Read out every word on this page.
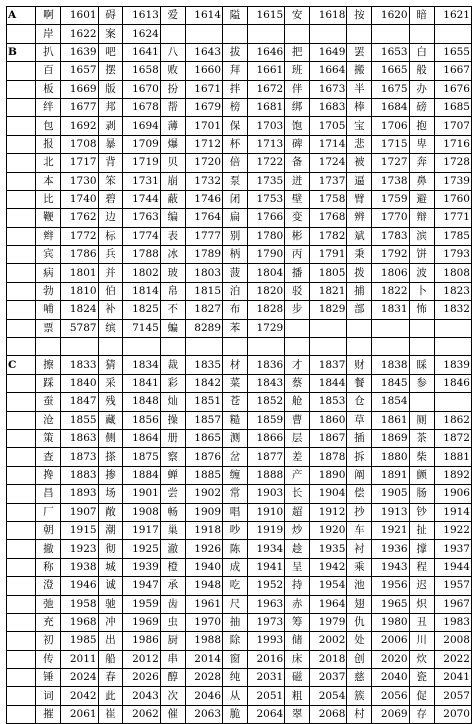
A	啊	1601	碍	1613	爱	1614	隘	1615	安	1618	按	1620	暗	1621
	岸	1622	案	1624										
B	扒	1639	吧	1641	八	1643	拔	1646	把	1649	罢	1653	白	1655
	百	1657	摆	1658	败	1660	拜	1661	班	1664	搬	1665	般	1667
	板	1669	版	1670	扮	1671	拌	1672	伴	1673	半	1675	办	1676
	绊	1677	邦	1678	帮	1679	榜	1681	绑	1683	棒	1684	磅	1685
	包	1692	剥	1694	薄	1701	保	1703	饱	1705	宝	1706	抱	1707
	报	1708	暴	1709	爆	1712	杯	1713	碑	1714	悲	1715	卑	1716
	北	1717	背	1719	贝	1720	倍	1722	备	1724	被	1727	奔	1728
	本	1730	笨	1731	崩	1732	泵	1735	迸	1737	逼	1738	鼻	1739
	比	1740	碧	1744	蔽	1746	闭	1753	壁	1758	臂	1759	避	1760
	鞭	1762	边	1763	编	1764	扁	1766	变	1768	辨	1770	辩	1771
	辫	1772	标	1774	表	1777	别	1780	彬	1782	斌	1783	滨	1785
	宾	1786	兵	1788	冰	1789	柄	1790	丙	1791	秉	1792	饼	1793
	病	1801	并	1802	玻	1803	菠	1804	播	1805	拨	1806	波	1808
	勃	1810	伯	1814	帛	1815	泊	1820	驳	1821	捕	1822	卜	1823
	哺	1824	补	1825	不	1827	布	1828	步	1829	部	1831	怖	1832
	票	5787	缤	7145	蝙	8289	苯	1729						

C	擦	1833	猜	1834	裁	1835	材	1836	才	1837	财	1838	睬	1839
	踩	1840	采	1841	彩	1842	菜	1843	蔡	1844	餐	1845	参	1846
	蚕	1847	残	1848	灿	1851	苍	1852	舱	1853	仓	1854		
	沧	1855	藏	1856	操	1857	糙	1859	曹	1860	草	1861	厕	1862
	策	1863	侧	1864	册	1865	测	1866	层	1867	插	1869	茶	1872
	查	1873	搽	1875	察	1876	岔	1877	差	1878	拆	1880	柴	1881
	搀	1883	掺	1884	蝉	1885	缠	1888	产	1890	阐	1891	颤	1892
	昌	1893	场	1901	尝	1902	常	1903	长	1904	偿	1905	肠	1906
	厂	1907	敞	1908	畅	1909	唱	1910	超	1912	抄	1913	钞	1914
	朝	1915	潮	1917	巢	1918	吵	1919	炒	1920	车	1921	扯	1922
	撤	1923	彻	1925	澈	1926	陈	1934	趁	1935	衬	1936	撑	1937
	称	1938	城	1939	橙	1940	成	1941	呈	1942	乘	1943	程	1944
	澄	1946	诚	1947	承	1948	吃	1952	持	1954	池	1956	迟	1957
	弛	1958	驰	1959	齿	1961	尺	1963	赤	1964	翅	1965	炽	1967
	充	1968	冲	1969	虫	1970	抽	1973	筹	1979	仇	1980	丑	1983
	初	1985	出	1986	厨	1988	除	1993	储	2002	处	2006	川	2008
	传	2011	船	2012	串	2014	窗	2016	床	2018	创	2020	炊	2022
	锤	2024	春	2026	醇	2028	纯	2031	磁	2037	慈	2040	瓷	2041
	词	2042	此	2043	次	2046	从	2051	粗	2054	簇	2056	促	2057
	摧	2061	崔	2062	催	2063	脆	2064	翠	2068	村	2069	存	2070
